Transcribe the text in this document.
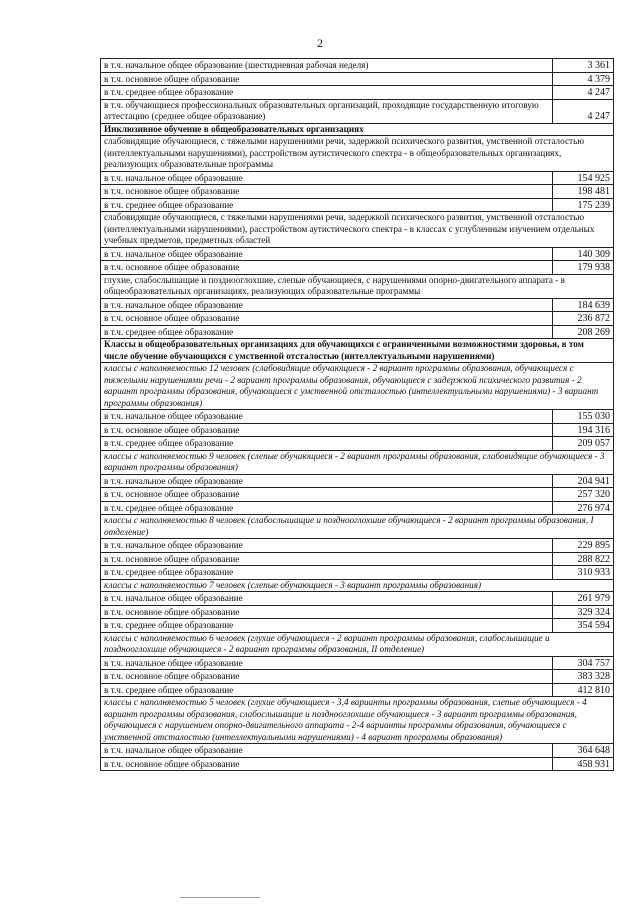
2
в т.ч. начальное общее образование (шестидневная рабочая неделя)	3 361
в т.ч. основное общее образование	4 379
в т.ч. среднее общее образование	4 247
в т.ч. обучающиеся профессиональных образовательных организаций, проходящие государственную итоговую аттестацию (среднее общее образование)	4 247
Инклюзивное обучение в общеобразовательных организациях	
слабовидящие обучающиеся, с тяжелыми нарушениями речи, задержкой психического развития, умственной отсталостью (интеллектуальными нарушениями), расстройством аутистического спектра - в общеобразовательных организациях, реализующих образовательные программы	
в т.ч. начальное общее образование	154 925
в т.ч. основное общее образование	198 481
в т.ч. среднее общее образование	175 239
слабовидящие обучающиеся, с тяжелыми нарушениями речи, задержкой психического развития, умственной отсталостью (интеллектуальными нарушениями), расстройством аутистического спектра - в классах с углубленным изучением отдельных учебных предметов, предметных областей	
в т.ч. начальное общее образование	140 309
в т.ч. основное общее образование	179 938
глухие, слабослышащие и позднооглохшие, слепые обучающиеся, с нарушениями опорно-двигательного аппарата - в общеобразовательных организациях, реализующих образовательные программы	
в т.ч. начальное общее образование	184 639
в т.ч. основное общее образование	236 872
в т.ч. среднее общее образование	208 269
Классы в общеобразовательных организациях для обучающихся с ограниченными возможностями здоровья, в том числе обучение обучающихся с умственной отсталостью (интеллектуальными нарушениями)	
классы с наполняемостью 12 человек (слабовидящие обучающиеся - 2 вариант программы образования, обучающиеся с тяжелыми нарушениями речи - 2 вариант программы образования, обучающиеся с задержкой психического развития - 2 вариант программы образования, обучающиеся с умственной отсталостью (интеллектуальными нарушениями) - 3 вариант программы образования)	
в т.ч. начальное общее образование	155 030
в т.ч. основное общее образование	194 316
в т.ч. среднее общее образование	209 057
классы с наполняемостью 9 человек (слепые обучающиеся - 2 вариант программы образования, слабовидящие обучающиеся - 3 вариант программы образования)	
в т.ч. начальное общее образование	204 941
в т.ч. основное общее образование	257 320
в т.ч. среднее общее образование	276 974
классы с наполняемостью 8 человек (слабослышащие и позднооглохшие обучающиеся - 2 вариант программы образования, I отделение)	
в т.ч. начальное общее образование	229 895
в т.ч. основное общее образование	288 822
в т.ч. среднее общее образование	310 933
классы с наполняемостью 7 человек (слепые обучающиеся - 3 вариант программы образования)	
в т.ч. начальное общее образование	261 979
в т.ч. основное общее образование	329 324
в т.ч. среднее общее образование	354 594
классы с наполняемостью 6 человек (глухие обучающиеся - 2 вариант программы образования, слабослышащие и позднооглохшие обучающиеся - 2 вариант программы образования, II отделение)	
в т.ч. начальное общее образование	304 757
в т.ч. основное общее образование	383 328
в т.ч. среднее общее образование	412 810
классы с наполняемостью 5 человек (глухие обучающиеся - 3,4 варианты программы образования, слепые обучающиеся - 4 вариант программы образования, слабослышащие и позднооглохшие обучающиеся - 3 вариант программы образования, обучающиеся с нарушением опорно-двигательного аппарата - 2-4 варианты программы образования, обучающиеся с умственной отсталостью (интеллектуальными нарушениями) - 4 вариант программы образования)	
в т.ч. начальное общее образование	364 648
в т.ч. основное общее образование	458 931
